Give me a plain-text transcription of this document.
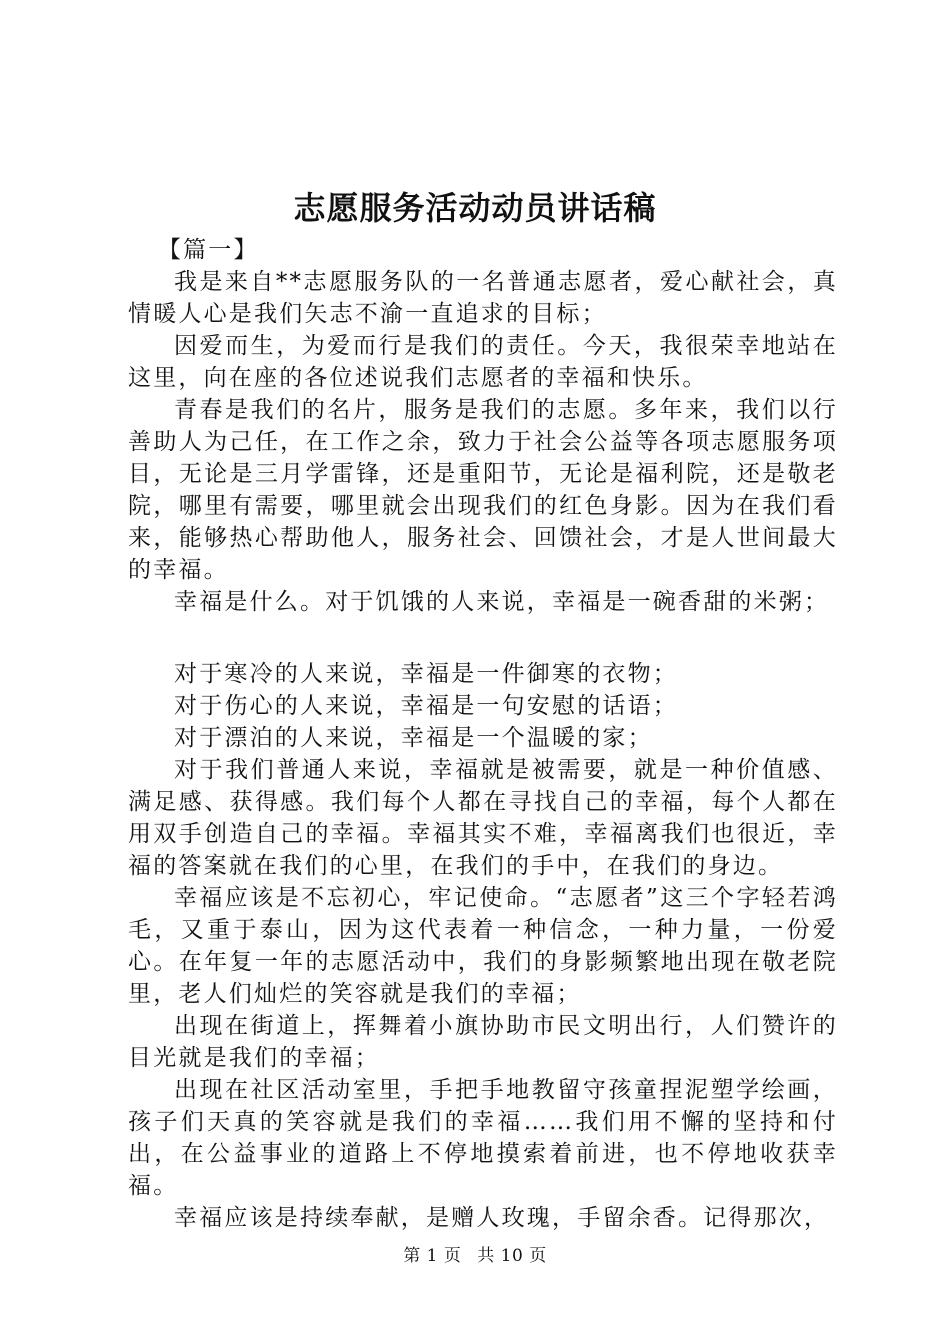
志愿服务活动动员讲话稿

【篇一】

我是来自**志愿服务队的一名普通志愿者，爱心献社会，真情暖人心是我们矢志不渝一直追求的目标；

因爱而生，为爱而行是我们的责任。今天，我很荣幸地站在这里，向在座的各位述说我们志愿者的幸福和快乐。

青春是我们的名片，服务是我们的志愿。多年来，我们以行善助人为己任，在工作之余，致力于社会公益等各项志愿服务项目，无论是三月学雷锋，还是重阳节，无论是福利院，还是敬老院，哪里有需要，哪里就会出现我们的红色身影。因为在我们看来，能够热心帮助他人，服务社会、回馈社会，才是人世间最大的幸福。

幸福是什么。对于饥饿的人来说，幸福是一碗香甜的米粥；

对于寒冷的人来说，幸福是一件御寒的衣物；

对于伤心的人来说，幸福是一句安慰的话语；

对于漂泊的人来说，幸福是一个温暖的家；

对于我们普通人来说，幸福就是被需要，就是一种价值感、满足感、获得感。我们每个人都在寻找自己的幸福，每个人都在用双手创造自己的幸福。幸福其实不难，幸福离我们也很近，幸福的答案就在我们的心里，在我们的手中，在我们的身边。

幸福应该是不忘初心，牢记使命。“志愿者”这三个字轻若鸿毛，又重于泰山，因为这代表着一种信念，一种力量，一份爱心。在年复一年的志愿活动中，我们的身影频繁地出现在敬老院里，老人们灿烂的笑容就是我们的幸福；

出现在街道上，挥舞着小旗协助市民文明出行，人们赞许的目光就是我们的幸福；

出现在社区活动室里，手把手地教留守孩童捏泥塑学绘画，孩子们天真的笑容就是我们的幸福……我们用不懈的坚持和付出，在公益事业的道路上不停地摸索着前进，也不停地收获幸福。

幸福应该是持续奉献，是赠人玫瑰，手留余香。记得那次，

第 1 页 共 10 页
